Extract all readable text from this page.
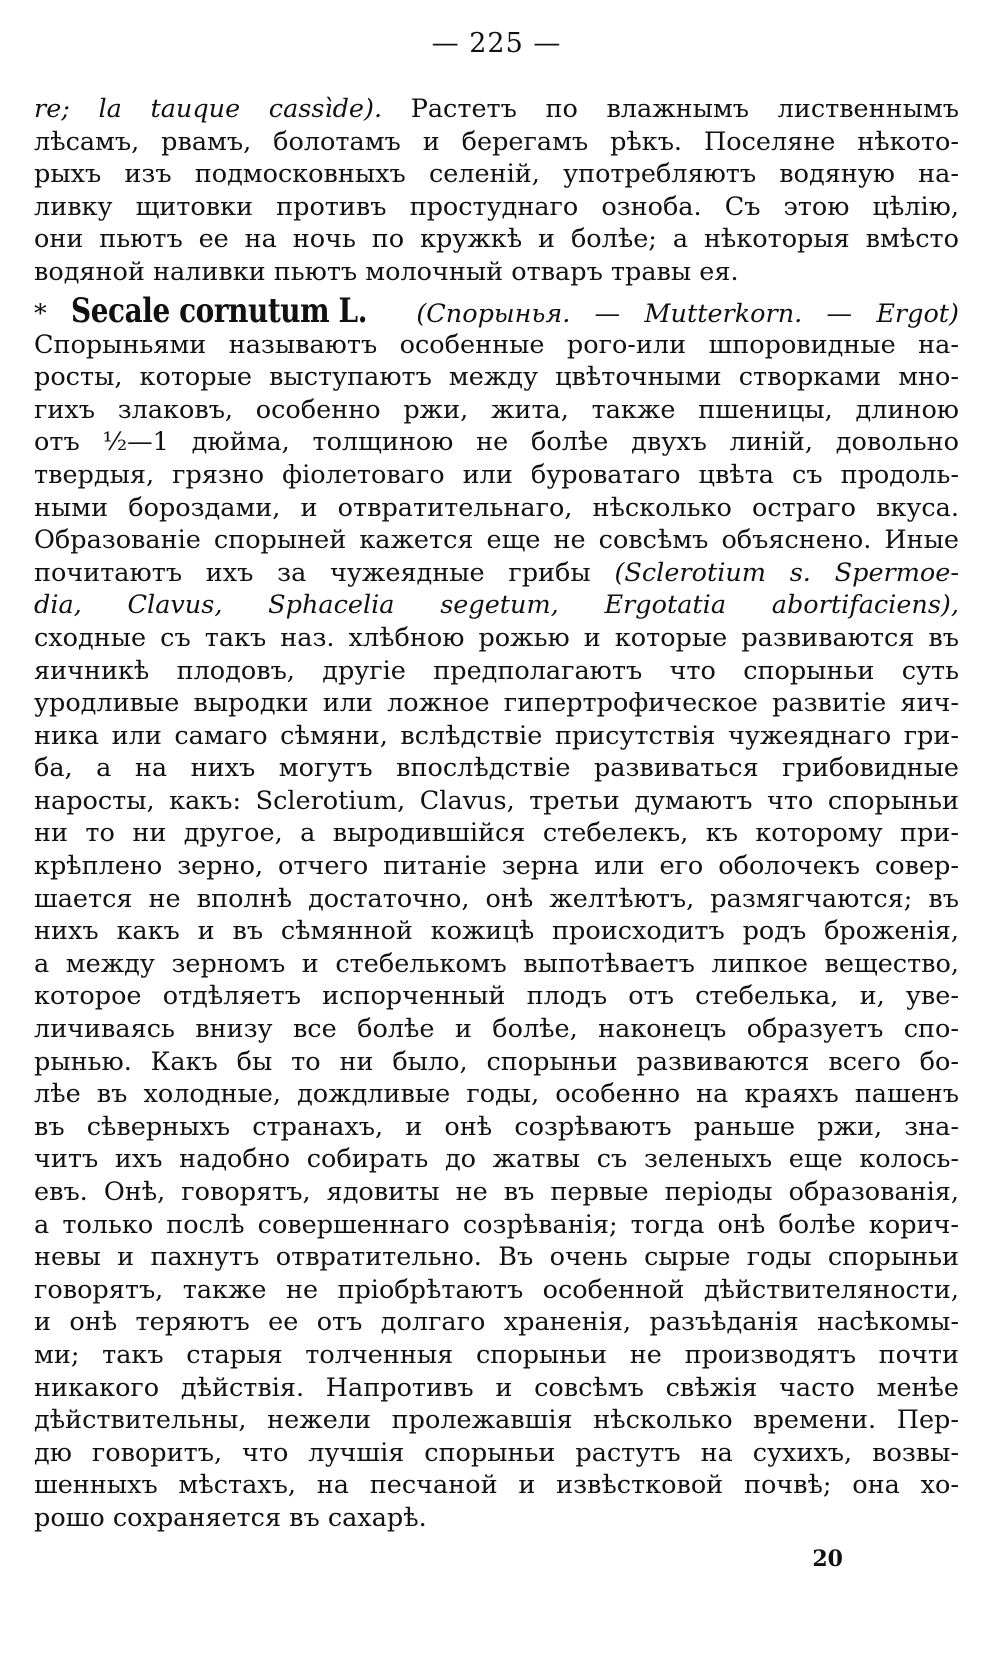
— 225 —
re; la tauque cassìde). Растетъ по влажнымъ лиственнымъ
лѣсамъ, рвамъ, болотамъ и берегамъ рѣкъ. Поселяне нѣкото-
рыхъ изъ подмосковныхъ селеній, употребляютъ водяную на-
ливку щитовки противъ простуднаго озноба. Съ этою цѣлію,
они пьютъ ее на ночь по кружкѣ и болѣе; а нѣкоторыя вмѣсто
водяной наливки пьютъ молочный отваръ травы ея.
* Secale cornutum L. (Спорынья. — Mutterkorn. — Ergot)
Спорыньями называютъ особенные рого-или шпоровидные на-
росты, которые выступаютъ между цвѣточными створками мно-
гихъ злаковъ, особенно ржи, жита, также пшеницы, длиною
отъ ½—1 дюйма, толщиною не болѣе двухъ линій, довольно
твердыя, грязно фіолетоваго или буроватаго цвѣта съ продоль-
ными бороздами, и отвратительнаго, нѣсколько остраго вкуса.
Образованіе спорыней кажется еще не совсѣмъ объяснено. Иные
почитаютъ ихъ за чужеядные грибы (Sclerotium s. Spermoe-
dia, Clavus, Sphacelia segetum, Ergotatia abortifaciens),
сходные съ такъ наз. хлѣбною рожью и которые развиваются въ
яичникѣ плодовъ, другіе предполагаютъ что спорыньи суть
уродливые выродки или ложное гипертрофическое развитіе яич-
ника или самаго сѣмяни, вслѣдствіе присутствія чужеяднаго гри-
ба, а на нихъ могутъ впослѣдствіе развиваться грибовидные
наросты, какъ: Sclerotium, Clavus, третьи думаютъ что спорыньи
ни то ни другое, а выродившійся стебелекъ, къ которому при-
крѣплено зерно, отчего питаніе зерна или его оболочекъ совер-
шается не вполнѣ достаточно, онѣ желтѣютъ, размягчаются; въ
нихъ какъ и въ сѣмянной кожицѣ происходитъ родъ броженія,
а между зерномъ и стебелькомъ выпотѣваетъ липкое вещество,
которое отдѣляетъ испорченный плодъ отъ стебелька, и, уве-
личиваясь внизу все болѣе и болѣе, наконецъ образуетъ спо-
рынью. Какъ бы то ни было, спорыньи развиваются всего бо-
лѣе въ холодные, дождливые годы, особенно на краяхъ пашенъ
въ сѣверныхъ странахъ, и онѣ созрѣваютъ раньше ржи, зна-
читъ ихъ надобно собирать до жатвы съ зеленыхъ еще колось-
евъ. Онѣ, говорятъ, ядовиты не въ первые періоды образованія,
а только послѣ совершеннаго созрѣванія; тогда онѣ болѣе корич-
невы и пахнутъ отвратительно. Въ очень сырые годы спорыньи
говорятъ, также не пріобрѣтаютъ особенной дѣйствителяности,
и онѣ теряютъ ее отъ долгаго храненія, разъѣданія насѣкомы-
ми; такъ старыя толченныя спорыньи не производятъ почти
никакого дѣйствія. Напротивъ и совсѣмъ свѣжія часто менѣе
дѣйствительны, нежели пролежавшія нѣсколько времени. Пер-
дю говоритъ, что лучшія спорыньи растутъ на сухихъ, возвы-
шенныхъ мѣстахъ, на песчаной и извѣстковой почвѣ; она хо-
рошо сохраняется въ сахарѣ.
20
